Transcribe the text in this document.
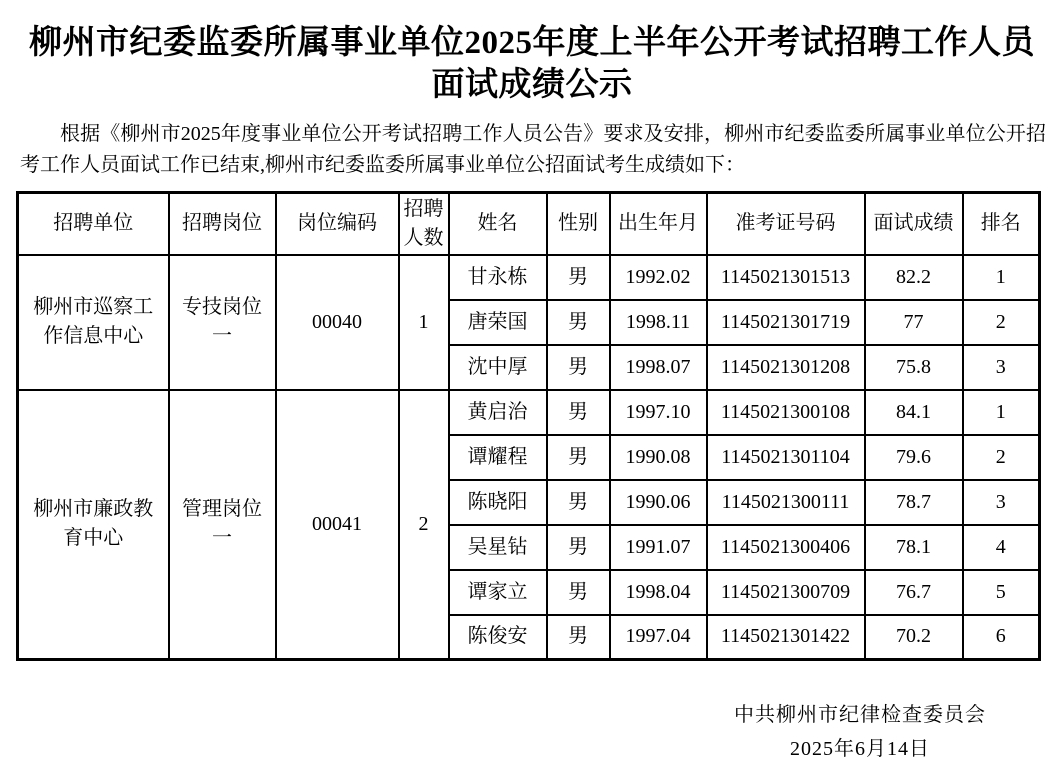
柳州市纪委监委所属事业单位2025年度上半年公开考试招聘工作人员
面试成绩公示

根据《柳州市2025年度事业单位公开考试招聘工作人员公告》要求及安排，柳州市纪委监委所属事业单位公开招考工作人员面试工作已结束,柳州市纪委监委所属事业单位公招面试考生成绩如下：

招聘单位	招聘岗位	岗位编码	招聘人数	姓名	性别	出生年月	准考证号码	面试成绩	排名
柳州市巡察工作信息中心	专技岗位一	00040	1	甘永栋	男	1992.02	1145021301513	82.2	1
				唐荣国	男	1998.11	1145021301719	77	2
				沈中厚	男	1998.07	1145021301208	75.8	3
柳州市廉政教育中心	管理岗位一	00041	2	黄启治	男	1997.10	1145021300108	84.1	1
				谭耀程	男	1990.08	1145021301104	79.6	2
				陈晓阳	男	1990.06	1145021300111	78.7	3
				吴星钻	男	1991.07	1145021300406	78.1	4
				谭家立	男	1998.04	1145021300709	76.7	5
				陈俊安	男	1997.04	1145021301422	70.2	6
中共柳州市纪律检查委员会
2025年6月14日
